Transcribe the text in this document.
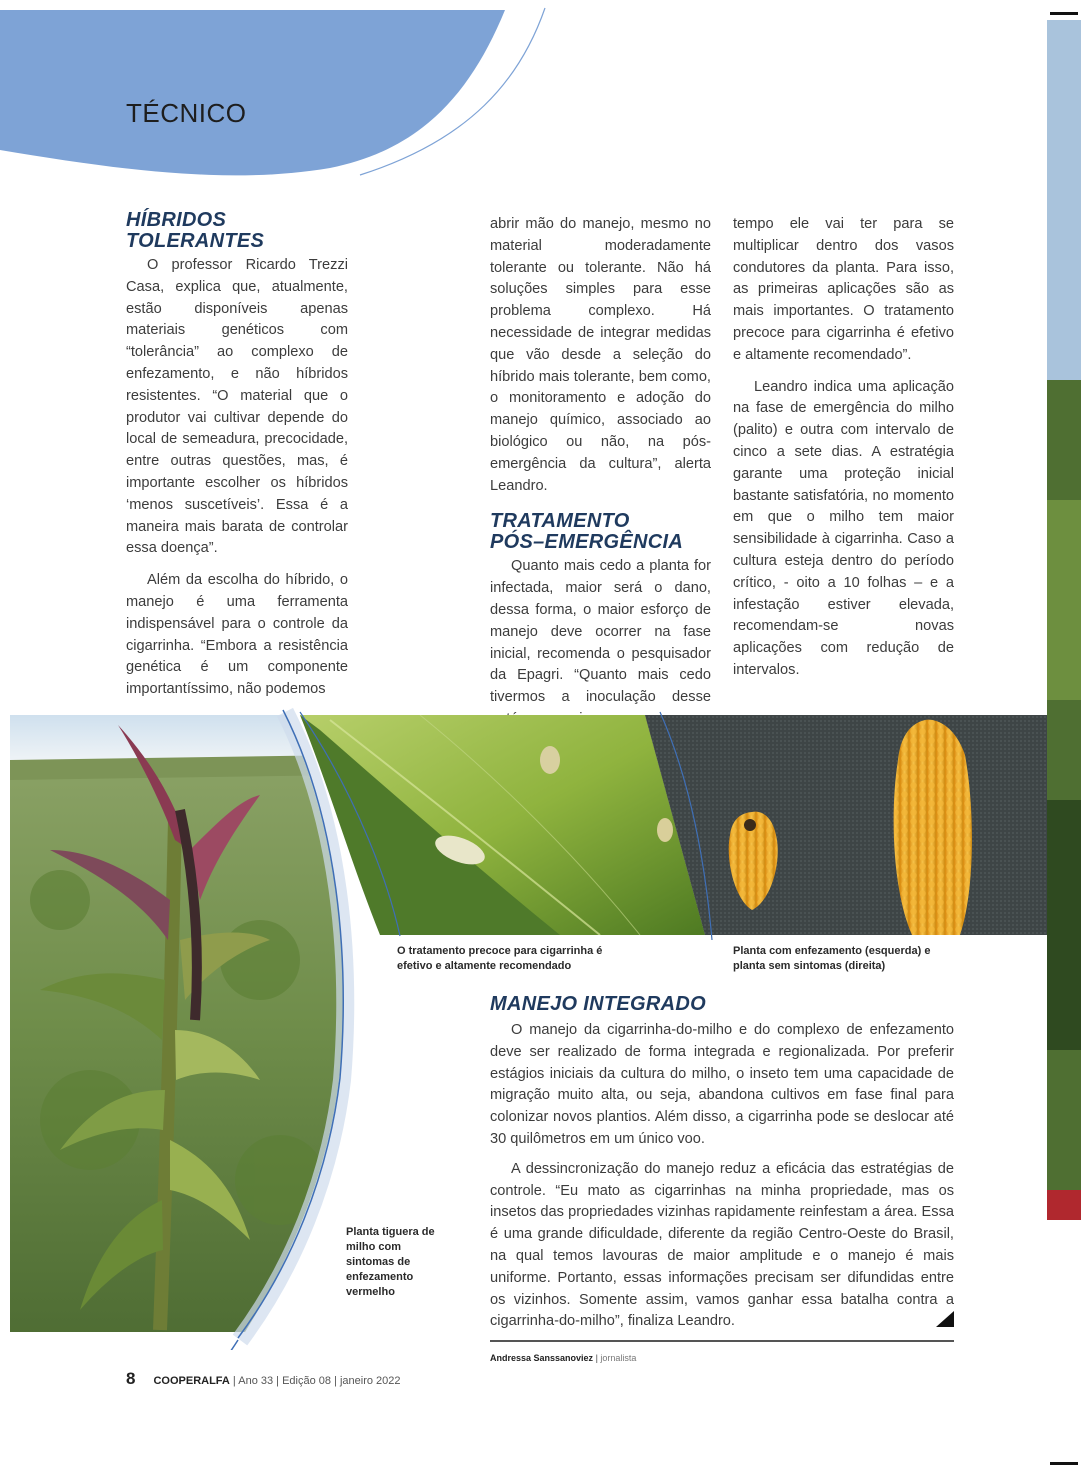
TÉCNICO
HÍBRIDOS
TOLERANTES

O professor Ricardo Trezzi Casa, explica que, atualmente, estão disponíveis apenas materiais genéticos com “tolerância” ao complexo de enfezamento, e não híbridos resistentes. “O material que o produtor vai cultivar depende do local de semeadura, precocidade, entre outras questões, mas, é importante escolher os híbridos ‘menos suscetíveis’. Essa é a maneira mais barata de controlar essa doença”.

Além da escolha do híbrido, o manejo é uma ferramenta indispensável para o controle da cigarrinha. “Embora a resistência genética é um componente importantíssimo, não podemos

abrir mão do manejo, mesmo no material moderadamente tolerante ou tolerante. Não há soluções simples para esse problema complexo. Há necessidade de integrar medidas que vão desde a seleção do híbrido mais tolerante, bem como, o monitoramento e adoção do manejo químico, associado ao biológico ou não, na pós-emergência da cultura”, alerta Leandro.

TRATAMENTO
PÓS–EMERGÊNCIA

Quanto mais cedo a planta for infectada, maior será o dano, dessa forma, o maior esforço de manejo deve ocorrer na fase inicial, recomenda o pesquisador da Epagri. “Quanto mais cedo tivermos a inoculação desse

tempo ele vai ter para se multiplicar dentro dos vasos condutores da planta. Para isso, as primeiras aplicações são as mais importantes. O tratamento precoce para cigarrinha é efetivo e altamente recomendado”.

Leandro indica uma aplicação na fase de emergência do milho (palito) e outra com intervalo de cinco a sete dias. A estratégia garante uma proteção inicial bastante satisfatória, no momento em que o milho tem maior sensibilidade à cigarrinha. Caso a cultura esteja dentro do período crítico, - oito a 10 folhas – e a infestação estiver elevada, recomendam-se novas aplicações com redução de intervalos.

O tratamento precoce para cigarrinha é efetivo e altamente recomendado
Planta com enfezamento (esquerda) e planta sem sintomas (direita)
Planta tiguera de milho com sintomas de enfezamento vermelho
MANEJO INTEGRADO

O manejo da cigarrinha-do-milho e do complexo de enfezamento deve ser realizado de forma integrada e regionalizada. Por preferir estágios iniciais da cultura do milho, o inseto tem uma capacidade de migração muito alta, ou seja, abandona cultivos em fase final para colonizar novos plantios. Além disso, a cigarrinha pode se deslocar até 30 quilômetros em um único voo.

A dessincronização do manejo reduz a eficácia das estratégias de controle. “Eu mato as cigarrinhas na minha propriedade, mas os insetos das propriedades vizinhas rapidamente reinfestam a área. Essa é uma grande dificuldade, diferente da região Centro-Oeste do Brasil, na qual temos lavouras de maior amplitude e o manejo é mais uniforme. Portanto, essas informações precisam ser difundidas entre os vizinhos. Somente assim, vamos ganhar essa batalha contra a cigarrinha-do-milho”, finaliza Leandro.

Andressa Sanssanoviez | jornalista
8 COOPERALFA | Ano 33 | Edição 08 | janeiro 2022
